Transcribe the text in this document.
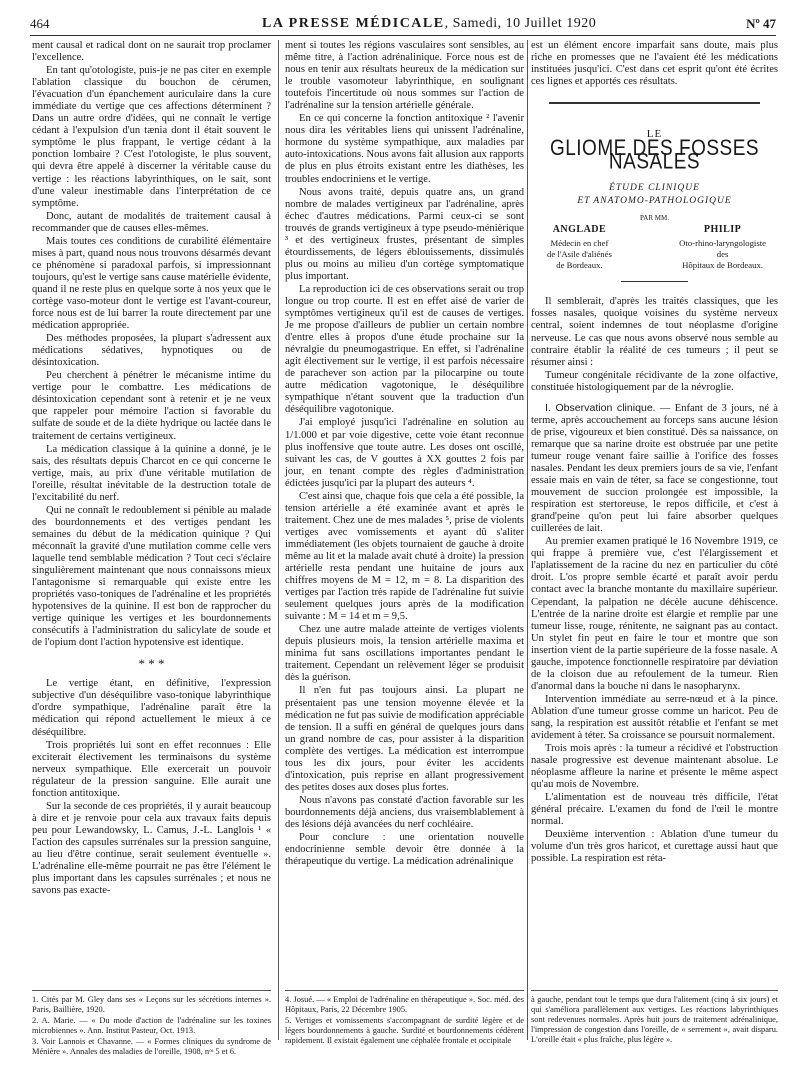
464	LA PRESSE MÉDICALE, Samedi, 10 Juillet 1920	Nº 47

ment causal et radical dont on ne saurait trop proclamer l'excellence.

En tant qu'otologiste, puis-je ne pas citer en exemple l'ablation classique du bouchon de cérumen, l'évacuation d'un épanchement auriculaire dans la cure immédiate du vertige que ces affections déterminent ? Dans un autre ordre d'idées, qui ne connaît le vertige cédant à l'expulsion d'un tænia dont il était souvent le symptôme le plus frappant, le vertige cédant à la ponction lombaire ? C'est l'otologiste, le plus souvent, qui devra être appelé à discerner la véritable cause du vertige : les réactions labyrinthiques, on le sait, sont d'une valeur inestimable dans l'interprétation de ce symptôme.

Donc, autant de modalités de traitement causal à recommander que de causes elles-mêmes.

Mais toutes ces conditions de curabilité élémentaire mises à part, quand nous nous trouvons désarmés devant ce phénomène si paradoxal parfois, si impressionnant toujours, qu'est le vertige sans cause matérielle évidente, quand il ne reste plus en quelque sorte à nos yeux que le cortège vaso-moteur dont le vertige est l'avant-coureur, force nous est de lui barrer la route directement par une médication appropriée.

Des méthodes proposées, la plupart s'adressent aux médications sédatives, hypnotiques ou de désintoxication.

Peu cherchent à pénétrer le mécanisme intime du vertige pour le combattre. Les médications de désintoxication cependant sont à retenir et je ne veux que rappeler pour mémoire l'action si favorable du sulfate de soude et de la diète hydrique ou lactée dans le traitement de certains vertigineux.

La médication classique à la quinine a donné, je le sais, des résultats depuis Charcot en ce qui concerne le vertige, mais, au prix d'une véritable mutilation de l'oreille, résultat inévitable de la destruction totale de l'excitabilité du nerf.

Qui ne connaît le redoublement si pénible au malade des bourdonnements et des vertiges pendant les semaines du début de la médication quinique ? Qui méconnaît la gravité d'une mutilation comme celle vers laquelle tend semblable médication ? Tout ceci s'éclaire singulièrement maintenant que nous connaissons mieux l'antagonisme si remarquable qui existe entre les propriétés vaso-toniques de l'adrénaline et les propriétés hypotensives de la quinine. Il est bon de rapprocher du vertige quinique les vertiges et les bourdonnements consécutifs à l'administration du salicylate de soude et de l'opium dont l'action hypotensive est identique.

* * *

Le vertige étant, en définitive, l'expression subjective d'un déséquilibre vaso-tonique labyrinthique d'ordre sympathique, l'adrénaline paraît être la médication qui répond actuellement le mieux à ce déséquilibre.

Trois propriétés lui sont en effet reconnues : Elle exciterait électivement les terminaisons du système nerveux sympathique. Elle exercerait un pouvoir régulateur de la pression sanguine. Elle aurait une fonction antitoxique.

Sur la seconde de ces propriétés, il y aurait beaucoup à dire et je renvoie pour cela aux travaux faits depuis peu pour Lewandowsky, L. Camus, J.-L. Langlois ¹ « l'action des capsules surrénales sur la pression sanguine, au lieu d'être continue, serait seulement éventuelle ». L'adrénaline elle-même pourrait ne pas être l'élément le plus important dans les capsules surrénales ; et nous ne savons pas exacte-

ment si toutes les régions vasculaires sont sensibles, au même titre, à l'action adrénalinique. Force nous est de nous en tenir aux résultats heureux de la médication sur le trouble vasomoteur labyrinthique, en soulignant toutefois l'incertitude où nous sommes sur l'action de l'adrénaline sur la tension artérielle générale.

En ce qui concerne la fonction antitoxique ² l'avenir nous dira les véritables liens qui unissent l'adrénaline, hormone du système sympathique, aux maladies par auto-intoxications. Nous avons fait allusion aux rapports de plus en plus étroits existant entre les diathèses, les troubles endocriniens et le vertige.

Nous avons traité, depuis quatre ans, un grand nombre de malades vertigineux par l'adrénaline, après échec d'autres médications. Parmi ceux-ci se sont trouvés de grands vertigineux à type pseudo-ménièrique ³ et des vertigineux frustes, présentant de simples étourdissements, de légers éblouissements, dissimulés plus ou moins au milieu d'un cortège symptomatique plus important.

La reproduction ici de ces observations serait ou trop longue ou trop courte. Il est en effet aisé de varier de symptômes vertigineux qu'il est de causes de vertiges. Je me propose d'ailleurs de publier un certain nombre d'entre elles à propos d'une étude prochaine sur la névralgie du pneumogastrique. En effet, si l'adrénaline agit électivement sur le vertige, il est parfois nécessaire de parachever son action par la pilocarpine ou toute autre médication vagotonique, le déséquilibre sympathique n'étant souvent que la traduction d'un déséquilibre vagotonique.

J'ai employé jusqu'ici l'adrénaline en solution au 1/1.000 et par voie digestive, cette voie étant reconnue plus inoffensive que toute autre. Les doses ont oscillé, suivant les cas, de V gouttes à XX gouttes 2 fois par jour, en tenant compte des règles d'administration édictées jusqu'ici par la plupart des auteurs ⁴.

C'est ainsi que, chaque fois que cela a été possible, la tension artérielle a été examinée avant et après le traitement. Chez une de mes malades ⁵, prise de violents vertiges avec vomissements et ayant dû s'aliter immédiatement (les objets tournaient de gauche à droite même au lit et la malade avait chuté à droite) la pression artérielle resta pendant une huitaine de jours aux chiffres moyens de M = 12, m = 8. La disparition des vertiges par l'action très rapide de l'adrénaline fut suivie seulement quelques jours après de la modification suivante : M = 14 et m = 9,5.

Chez une autre malade atteinte de vertiges violents depuis plusieurs mois, la tension artérielle maxima et minima fut sans oscillations importantes pendant le traitement. Cependant un relèvement léger se produisit dès la guérison.

Il n'en fut pas toujours ainsi. La plupart ne présentaient pas une tension moyenne élevée et la médication ne fut pas suivie de modification appréciable de tension. Il a suffi en général de quelques jours dans un grand nombre de cas, pour assister à la disparition complète des vertiges. La médication est interrompue tous les dix jours, pour éviter les accidents d'intoxication, puis reprise en allant progressivement des petites doses aux doses plus fortes.

Nous n'avons pas constaté d'action favorable sur les bourdonnements déjà anciens, dus vraisemblablement à des lésions déjà avancées du nerf cochléaire.

Pour conclure : une orientation nouvelle endocrinienne semble devoir être donnée à la thérapeutique du vertige. La médication adrénalinique

est un élément encore imparfait sans doute, mais plus riche en promesses que ne l'avaient été les médications instituées jusqu'ici. C'est dans cet esprit qu'ont été écrites ces lignes et apportés ces résultats.

LE
GLIOME DES FOSSES NASALES
ÉTUDE CLINIQUE
ET ANATOMO-PATHOLOGIQUE
PAR MM.
ANGLADE
Médecin en chef
de l'Asile d'aliénés
de Bordeaux.
PHILIP
Oto-rhino-laryngologiste
des
Hôpitaux de Bordeaux.

Il semblerait, d'après les traités classiques, que les fosses nasales, quoique voisines du système nerveux central, soient indemnes de tout néoplasme d'origine nerveuse. Le cas que nous avons observé nous semble au contraire établir la réalité de ces tumeurs ; il peut se résumer ainsi :

Tumeur congénitale récidivante de la zone olfactive, constituée histologiquement par de la névroglie.

I. Observation clinique. — Enfant de 3 jours, né à terme, après accouchement au forceps sans aucune lésion de prise, vigoureux et bien constitué. Dès sa naissance, on remarque que sa narine droite est obstruée par une petite tumeur rouge venant faire saillie à l'orifice des fosses nasales. Pendant les deux premiers jours de sa vie, l'enfant essaie mais en vain de téter, sa face se congestionne, tout mouvement de succion prolongée est impossible, la respiration est stertoreuse, le repos difficile, et c'est à grand'peine qu'on peut lui faire absorber quelques cuillerées de lait.

Au premier examen pratiqué le 16 Novembre 1919, ce qui frappe à première vue, c'est l'élargissement et l'aplatissement de la racine du nez en particulier du côté droit. L'os propre semble écarté et paraît avoir perdu contact avec la branche montante du maxillaire supérieur. Cependant, la palpation ne décèle aucune déhiscence. L'entrée de la narine droite est élargie et remplie par une tumeur lisse, rouge, rénitente, ne saignant pas au contact. Un stylet fin peut en faire le tour et montre que son insertion vient de la partie supérieure de la fosse nasale. A gauche, impotence fonctionnelle respiratoire par déviation de la cloison due au refoulement de la tumeur. Rien d'anormal dans la bouche ni dans le nasopharynx.

Intervention immédiate au serre-nœud et à la pince. Ablation d'une tumeur grosse comme un haricot. Peu de sang, la respiration est aussitôt rétablie et l'enfant se met avidement à téter. Sa croissance se poursuit normalement.

Trois mois après : la tumeur a récidivé et l'obstruction nasale progressive est devenue maintenant absolue. Le néoplasme affleure la narine et présente le même aspect qu'au mois de Novembre.

L'alimentation est de nouveau très difficile, l'état général précaire. L'examen du fond de l'œil le montre normal.

Deuxième intervention : Ablation d'une tumeur du volume d'un très gros haricot, et curettage aussi haut que possible. La respiration est réta-

1. Cités par M. Gley dans ses « Leçons sur les sécrétions internes ». Paris, Baillière, 1920.

2. A. Marie. — « Du mode d'action de l'adrénaline sur les toxines microbiennes ». Ann. Institut Pasteur, Oct. 1913.

3. Voir Lannois et Chavanne. — « Formes cliniques du syndrome de Ménière ». Annales des maladies de l'oreille, 1908, nᵒˢ 5 et 6.

4. Josué. — « Emploi de l'adrénaline en thérapeutique ». Soc. méd. des Hôpitaux, Paris, 22 Décembre 1905.

5. Vertiges et vomissements s'accompagnant de surdité légère et de légers bourdonnements à gauche. Surdité et bourdonnements cédèrent rapidement. Il existait également une céphalée frontale et occipitale

à gauche, pendant tout le temps que dura l'alitement (cinq à six jours) et qui s'améliora parallèlement aux vertiges. Les réactions labyrinthiques sont redevenues normales. Après huit jours de traitement adrénalinique, l'impression de congestion dans l'oreille, de « serrement », avait disparu. L'oreille était « plus fraîche, plus légère ».
